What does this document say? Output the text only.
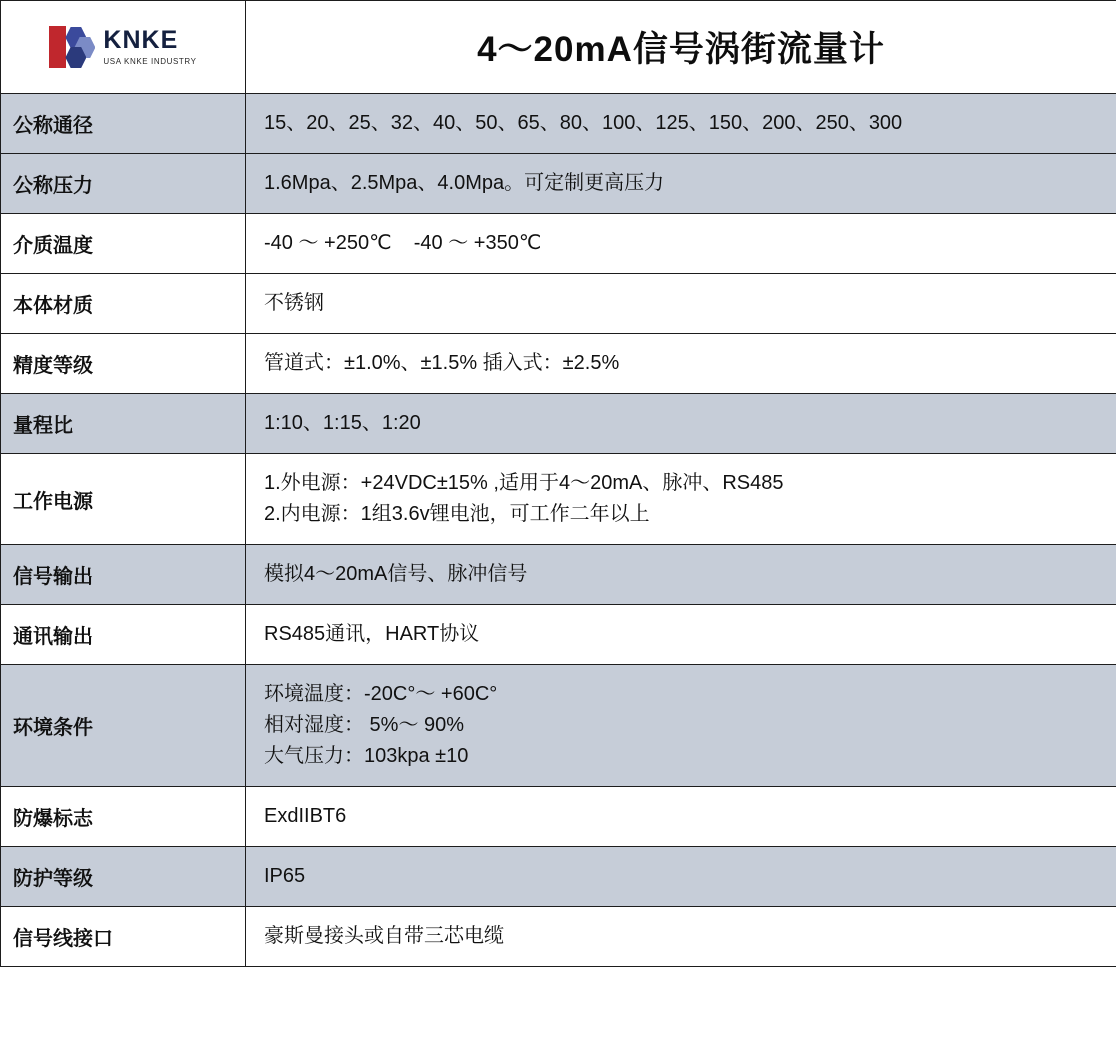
KNKE
USA KNKE INDUSTRY	4～20mA信号涡街流量计
公称通径	15、20、25、32、40、50、65、80、100、125、150、200、250、300

公称压力	1.6Mpa、2.5Mpa、4.0Mpa。可定制更高压力

介质温度	-40 ～ +250℃    -40 ～ +350℃

本体材质	不锈钢

精度等级	管道式：±1.0%、±1.5% 插入式：±2.5%

量程比	1:10、1:15、1:20

工作电源	1.外电源：+24VDC±15% ,适用于4～20mA、脉冲、RS485
2.内电源：1组3.6v锂电池，可工作二年以上

信号输出	模拟4～20mA信号、脉冲信号

通讯输出	RS485通讯，HART协议

环境条件	环境温度：-20C°～ +60C°
相对湿度： 5%～ 90%
大气压力：103kpa ±10

防爆标志	ExdIIBT6

防护等级	IP65

信号线接口	豪斯曼接头或自带三芯电缆
